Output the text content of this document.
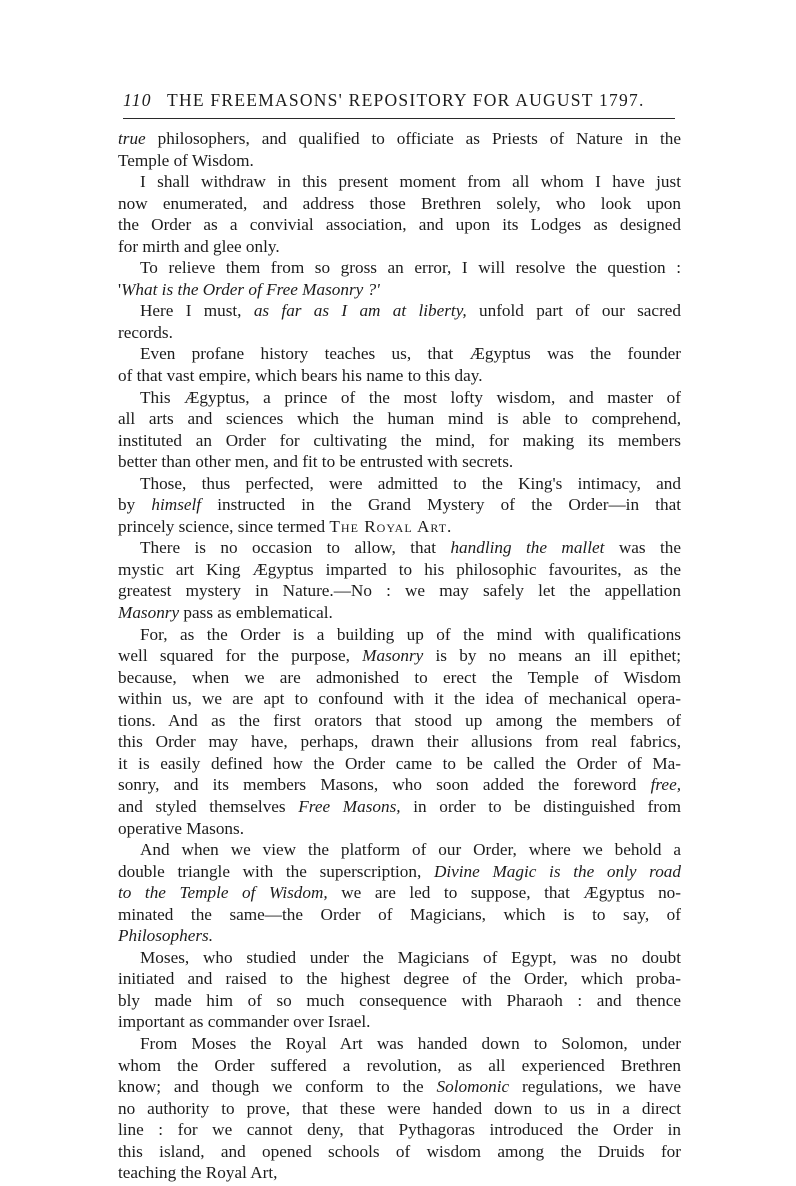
110 THE FREEMASONS' REPOSITORY FOR AUGUST 1797.
true philosophers, and qualified to officiate as Priests of Nature in the
Temple of Wisdom.
I shall withdraw in this present moment from all whom I have just
now enumerated, and address those Brethren solely, who look upon
the Order as a convivial association, and upon its Lodges as designed
for mirth and glee only.
To relieve them from so gross an error, I will resolve the question :
'What is the Order of Free Masonry ?'
Here I must, as far as I am at liberty, unfold part of our sacred
records.
Even profane history teaches us, that Ægyptus was the founder
of that vast empire, which bears his name to this day.
This Ægyptus, a prince of the most lofty wisdom, and master of
all arts and sciences which the human mind is able to comprehend,
instituted an Order for cultivating the mind, for making its members
better than other men, and fit to be entrusted with secrets.
Those, thus perfected, were admitted to the King's intimacy, and
by himself instructed in the Grand Mystery of the Order—in that
princely science, since termed The Royal Art.
There is no occasion to allow, that handling the mallet was the
mystic art King Ægyptus imparted to his philosophic favourites, as the
greatest mystery in Nature.—No : we may safely let the appellation
Masonry pass as emblematical.
For, as the Order is a building up of the mind with qualifications
well squared for the purpose, Masonry is by no means an ill epithet;
because, when we are admonished to erect the Temple of Wisdom
within us, we are apt to confound with it the idea of mechanical opera-
tions. And as the first orators that stood up among the members of
this Order may have, perhaps, drawn their allusions from real fabrics,
it is easily defined how the Order came to be called the Order of Ma-
sonry, and its members Masons, who soon added the foreword free,
and styled themselves Free Masons, in order to be distinguished from
operative Masons.
And when we view the platform of our Order, where we behold a
double triangle with the superscription, Divine Magic is the only road
to the Temple of Wisdom, we are led to suppose, that Ægyptus no-
minated the same—the Order of Magicians, which is to say, of
Philosophers.
Moses, who studied under the Magicians of Egypt, was no doubt
initiated and raised to the highest degree of the Order, which proba-
bly made him of so much consequence with Pharaoh : and thence
important as commander over Israel.
From Moses the Royal Art was handed down to Solomon, under
whom the Order suffered a revolution, as all experienced Brethren
know; and though we conform to the Solomonic regulations, we have
no authority to prove, that these were handed down to us in a direct
line : for we cannot deny, that Pythagoras introduced the Order in
this island, and opened schools of wisdom among the Druids for
teaching the Royal Art,
